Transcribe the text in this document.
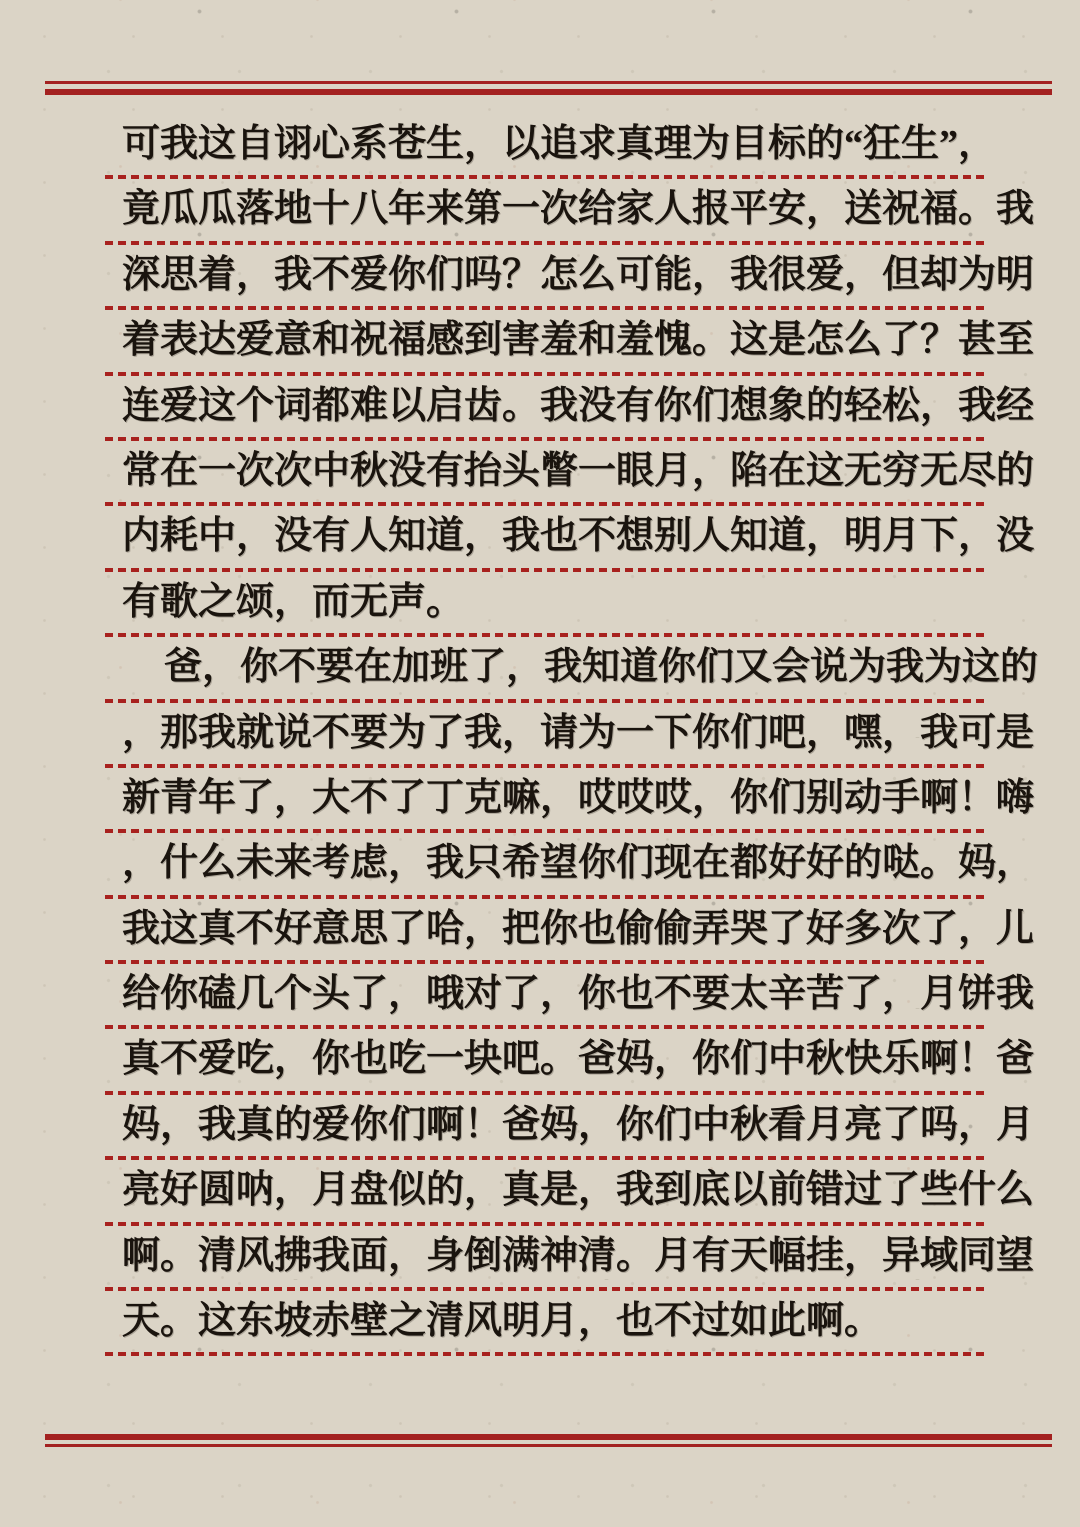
可我这自诩心系苍生，以追求真理为目标的“狂生”，
竟瓜瓜落地十八年来第一次给家人报平安，送祝福。我
深思着，我不爱你们吗？怎么可能，我很爱，但却为明
着表达爱意和祝福感到害羞和羞愧。这是怎么了？甚至
连爱这个词都难以启齿。我没有你们想象的轻松，我经
常在一次次中秋没有抬头瞥一眼月，陷在这无穷无尽的
内耗中，没有人知道，我也不想别人知道，明月下，没
有歌之颂，而无声。
爸，你不要在加班了，我知道你们又会说为我为这的
，那我就说不要为了我，请为一下你们吧，嘿，我可是
新青年了，大不了丁克嘛，哎哎哎，你们别动手啊！嗨
，什么未来考虑，我只希望你们现在都好好的哒。妈，
我这真不好意思了哈，把你也偷偷弄哭了好多次了，儿
给你磕几个头了，哦对了，你也不要太辛苦了，月饼我
真不爱吃，你也吃一块吧。爸妈，你们中秋快乐啊！爸
妈，我真的爱你们啊！爸妈，你们中秋看月亮了吗，月
亮好圆呐，月盘似的，真是，我到底以前错过了些什么
啊。清风拂我面，身倒满神清。月有天幅挂，异域同望
天。这东坡赤壁之清风明月，也不过如此啊。
